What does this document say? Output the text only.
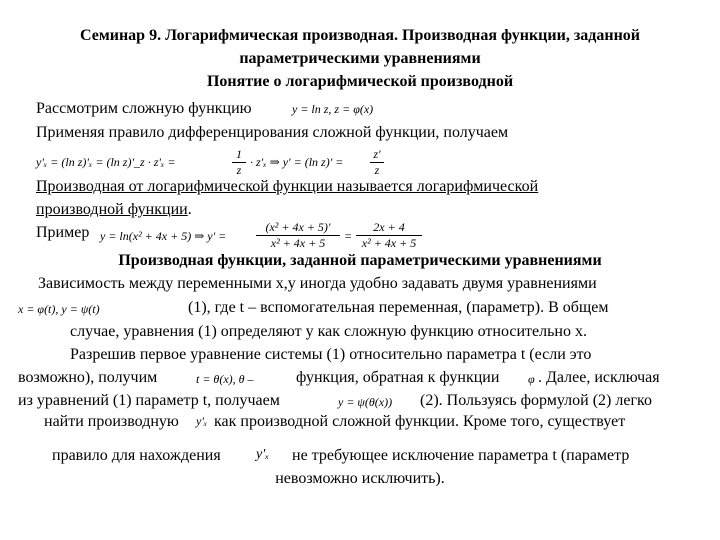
Семинар 9. Логарифмическая производная. Производная функции, заданной
параметрическими уравнениями
Понятие о логарифмической производной
Рассмотрим сложную функцию	y = ln z, z = φ(x)
Применяя правило дифференцирования сложной функции, получаем
y'ₓ = (ln z)'ₓ = (ln z)'_z · z'ₓ =
1
z
· z'ₓ ⇒ y' = (ln z)' =
z'
z
Производная от логарифмической функции называется логарифмической
производной функции.
Пример y = ln(x² + 4x + 5) ⇒ y' =
(x² + 4x + 5)'
x² + 4x + 5	=
2x + 4
x² + 4x + 5
Производная функции, заданной параметрическими уравнениями
Зависимость между переменными x,y иногда удобно задавать двумя уравнениями
x = φ(t), y = ψ(t)	(1), где t – вспомогательная переменная, (параметр). В общем
случае, уравнения (1) определяют y как сложную функцию относительно x.
Разрешив первое уравнение системы (1) относительно параметра t (если это
возможно), получим	t = θ(x), θ –	функция, обратная к функции φ . Далее, исключая
из уравнений (1) параметр t, получаем	y = ψ(θ(x)) (2). Пользуясь формулой (2) легко
найти производную y'ₓ как производной сложной функции. Кроме того, существует
правило для нахождения	y'ₓ не требующее исключение параметра t (параметр
невозможно исключить).
